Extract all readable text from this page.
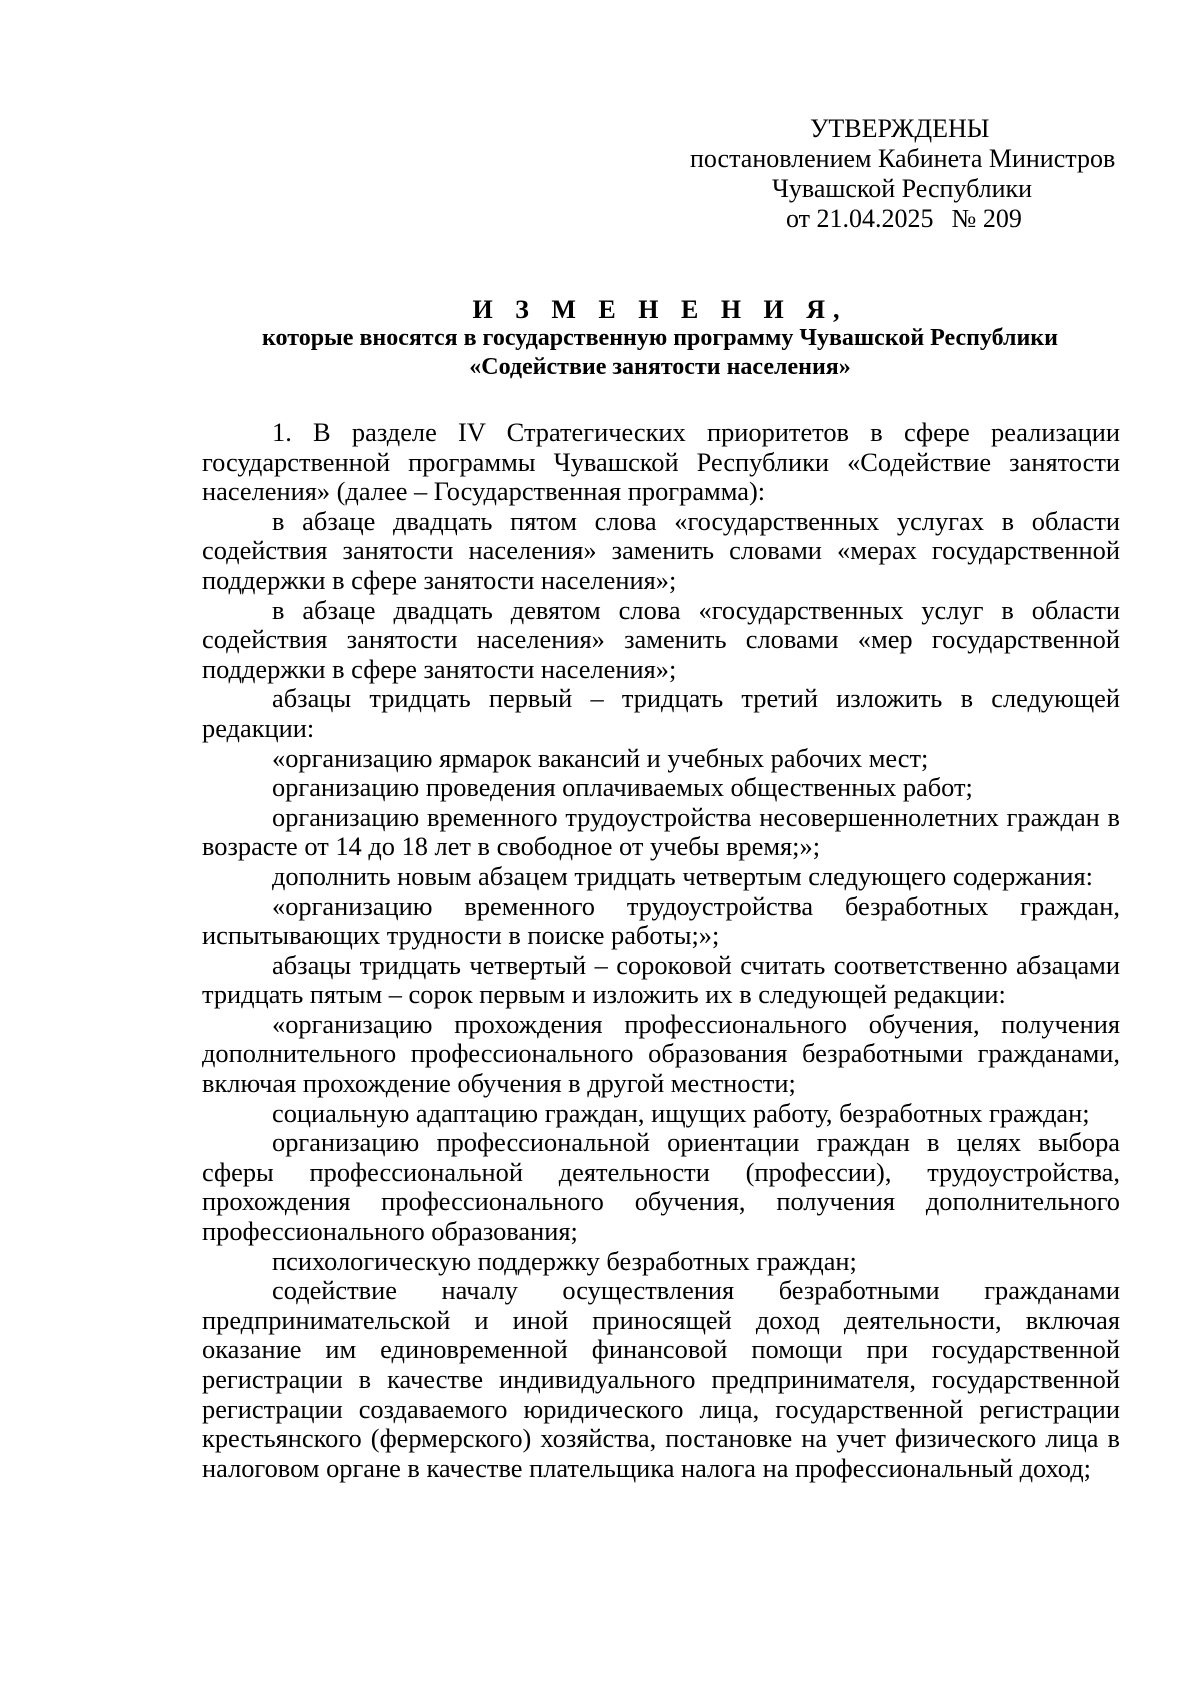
УТВЕРЖДЕНЫ
постановлением Кабинета Министров
Чувашской Республики
от 21.04.2025 № 209
И З М Е Н Е Н И Я,
которые вносятся в государственную программу Чувашской Республики
«Содействие занятости населения»

1. В разделе IV Стратегических приоритетов в сфере реализации государственной программы Чувашской Республики «Содействие занятости населения» (далее – Государственная программа):

в абзаце двадцать пятом слова «государственных услугах в области содействия занятости населения» заменить словами «мерах государственной поддержки в сфере занятости населения»;

в абзаце двадцать девятом слова «государственных услуг в области содействия занятости населения» заменить словами «мер государственной поддержки в сфере занятости населения»;

абзацы тридцать первый – тридцать третий изложить в следующей редакции:

«организацию ярмарок вакансий и учебных рабочих мест;

организацию проведения оплачиваемых общественных работ;

организацию временного трудоустройства несовершеннолетних граждан в возрасте от 14 до 18 лет в свободное от учебы время;»;

дополнить новым абзацем тридцать четвертым следующего содержания:

«организацию временного трудоустройства безработных граждан, испытывающих трудности в поиске работы;»;

абзацы тридцать четвертый – сороковой считать соответственно абзацами тридцать пятым – сорок первым и изложить их в следующей редакции:

«организацию прохождения профессионального обучения, получения дополнительного профессионального образования безработными гражданами, включая прохождение обучения в другой местности;

социальную адаптацию граждан, ищущих работу, безработных граждан;

организацию профессиональной ориентации граждан в целях выбора сферы профессиональной деятельности (профессии), трудоустройства, прохождения профессионального обучения, получения дополнительного профессионального образования;

психологическую поддержку безработных граждан;

содействие началу осуществления безработными гражданами предпринимательской и иной приносящей доход деятельности, включая оказание им единовременной финансовой помощи при государственной регистрации в качестве индивидуального предпринимателя, государственной регистрации создаваемого юридического лица, государственной регистрации крестьянского (фермерского) хозяйства, постановке на учет физического лица в налоговом органе в качестве плательщика налога на профессиональный доход;
